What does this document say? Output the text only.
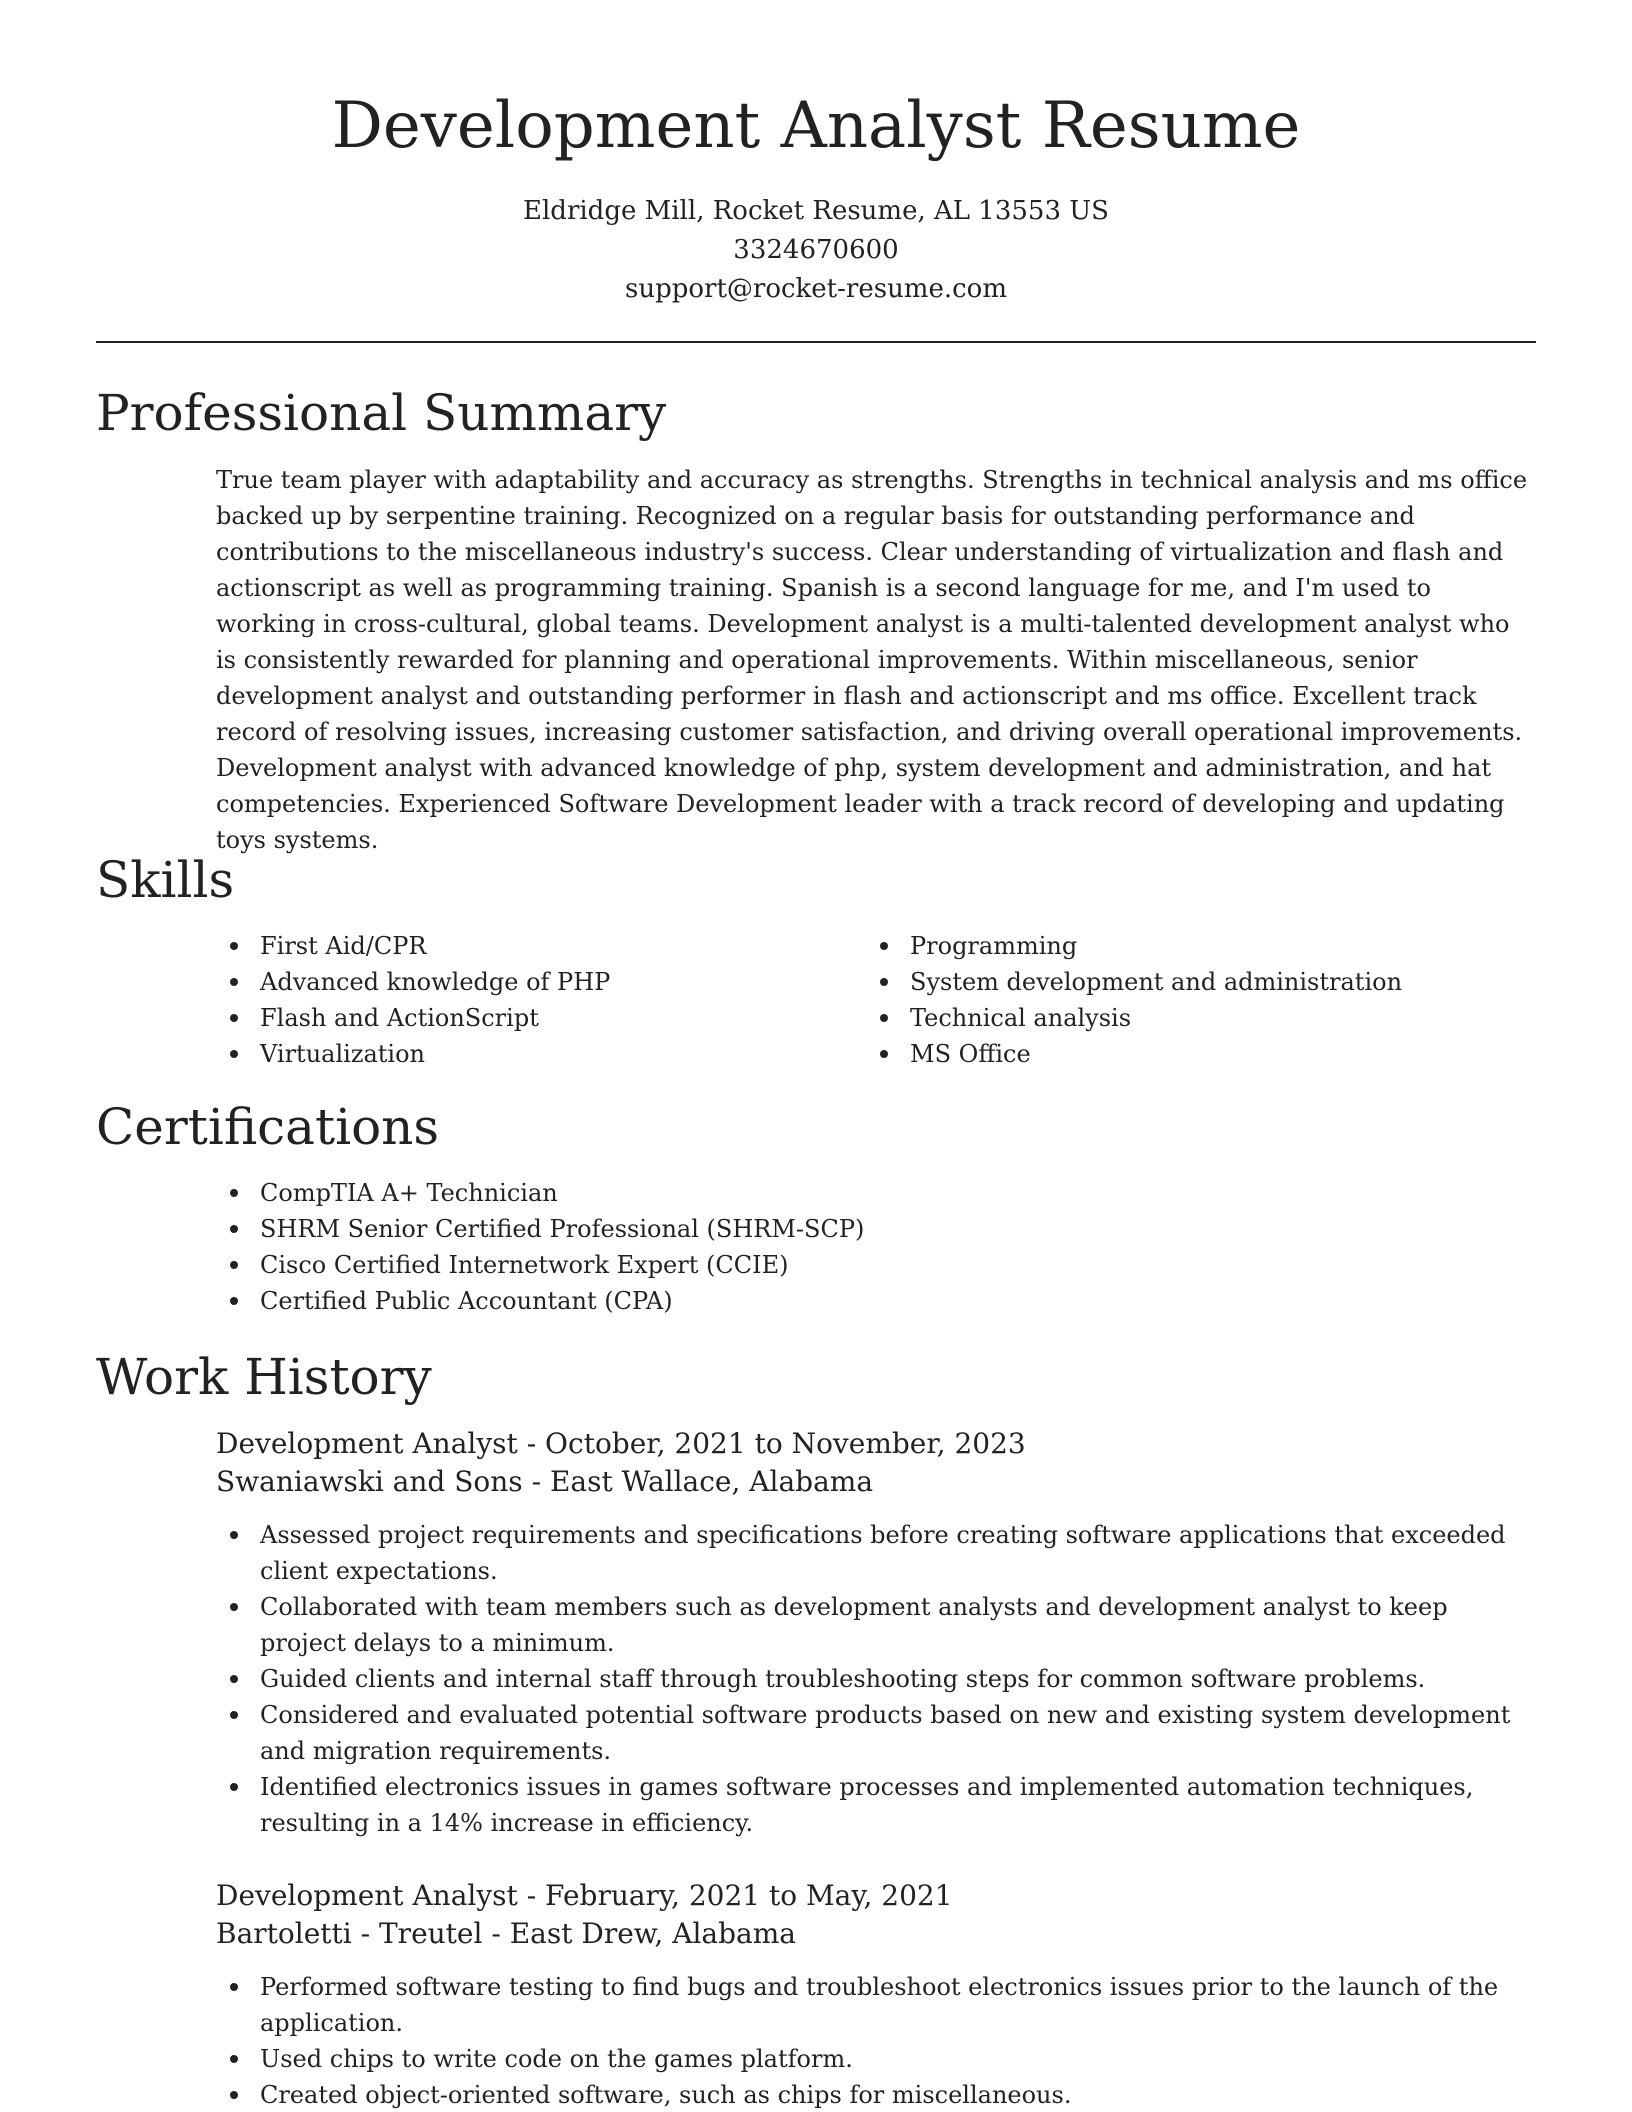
Development Analyst Resume
Eldridge Mill, Rocket Resume, AL 13553 US
3324670600
support@rocket-resume.com
Professional Summary

True team player with adaptability and accuracy as strengths. Strengths in technical analysis and ms office backed up by serpentine training. Recognized on a regular basis for outstanding performance and contributions to the miscellaneous industry's success. Clear understanding of virtualization and flash and actionscript as well as programming training. Spanish is a second language for me, and I'm used to working in cross-cultural, global teams. Development analyst is a multi-talented development analyst who is consistently rewarded for planning and operational improvements. Within miscellaneous, senior development analyst and outstanding performer in flash and actionscript and ms office. Excellent track record of resolving issues, increasing customer satisfaction, and driving overall operational improvements. Development analyst with advanced knowledge of php, system development and administration, and hat competencies. Experienced Software Development leader with a track record of developing and updating toys systems.

Skills
First Aid/CPR
Advanced knowledge of PHP
Flash and ActionScript
Virtualization
Programming
System development and administration
Technical analysis
MS Office
Certifications
CompTIA A+ Technician
SHRM Senior Certified Professional (SHRM-SCP)
Cisco Certified Internetwork Expert (CCIE)
Certified Public Accountant (CPA)
Work History
Development Analyst - October, 2021 to November, 2023
Swaniawski and Sons - East Wallace, Alabama
Assessed project requirements and specifications before creating software applications that exceeded client expectations.
Collaborated with team members such as development analysts and development analyst to keep project delays to a minimum.
Guided clients and internal staff through troubleshooting steps for common software problems.
Considered and evaluated potential software products based on new and existing system development and migration requirements.
Identified electronics issues in games software processes and implemented automation techniques, resulting in a 14% increase in efficiency.
Development Analyst - February, 2021 to May, 2021
Bartoletti - Treutel - East Drew, Alabama
Performed software testing to find bugs and troubleshoot electronics issues prior to the launch of the application.
Used chips to write code on the games platform.
Created object-oriented software, such as chips for miscellaneous.
